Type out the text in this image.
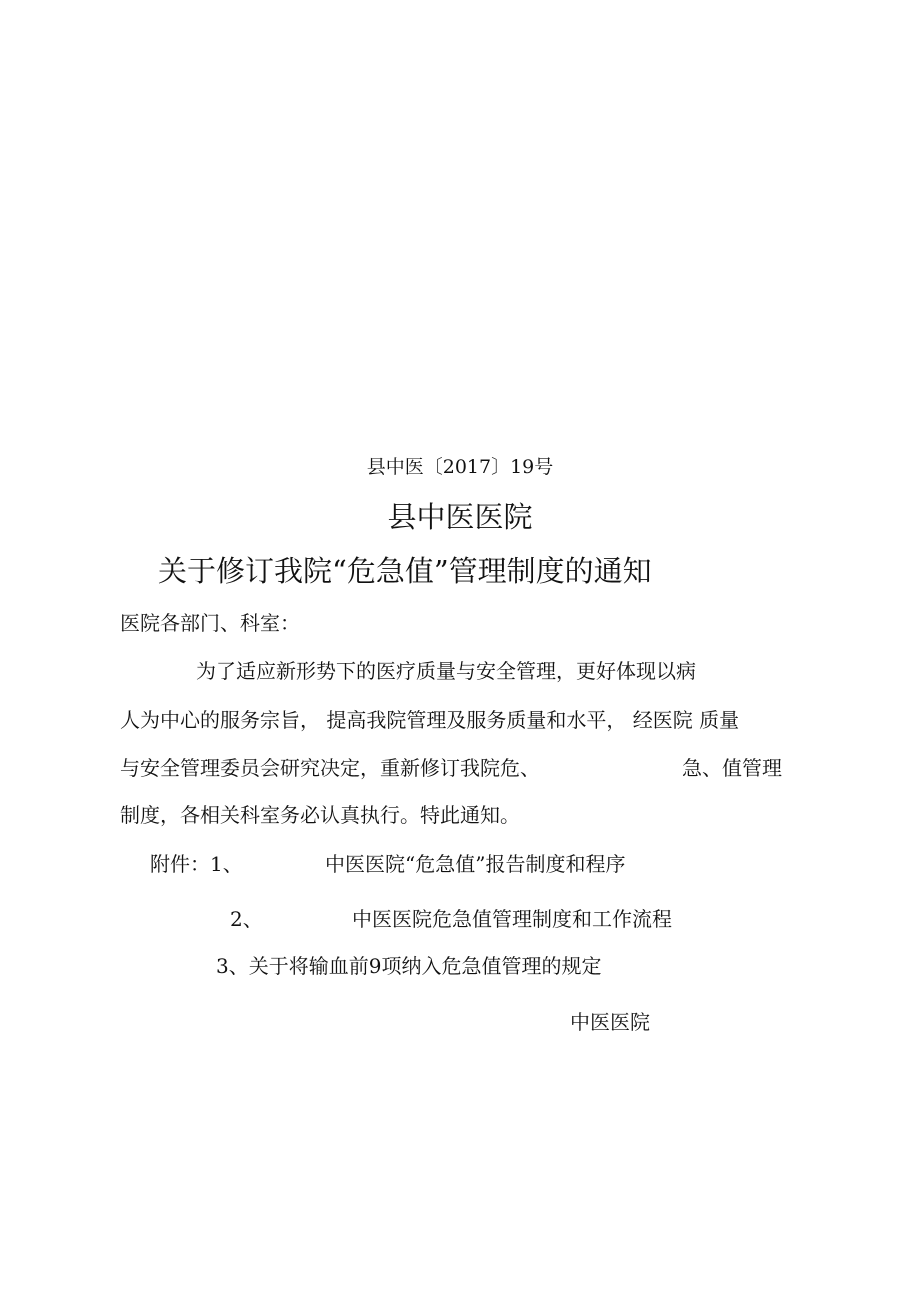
县中医〔2017〕19号
县中医医院
关于修订我院“危急值”管理制度的通知
医院各部门、科室：
为了适应新形势下的医疗质量与安全管理，更好体现以病
人为中心的服务宗旨， 提高我院管理及服务质量和水平， 经医院 质量
与安全管理委员会研究决定，重新修订我院危、	急、值管理
制度，各相关科室务必认真执行。特此通知。
附件：1、	中医医院“危急值”报告制度和程序
2、	中医医院危急值管理制度和工作流程
3、关于将输血前9项纳入危急值管理的规定
中医医院
